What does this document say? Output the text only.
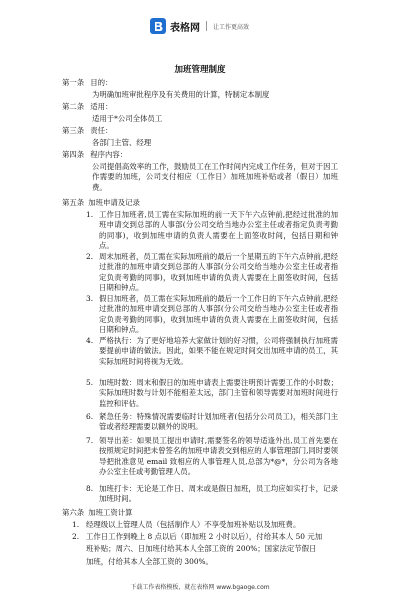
表格网 让工作更高效
加班管理制度
第一条 目的：
为明确加班审批程序及有关费用的计算，特制定本制度
第二条 适用：
适用于*公司全体员工
第三条 责任：
各部门主管、经理
第四条 程序内容：
公司提倡高效率的工作，鼓励员工在工作时间内完成工作任务，但对于因工作需要的加班，公司支付相应（工作日）加班加班补贴或者（假日）加班费。
第五条 加班申请及记录
1. 工作日加班者,员工需在实际加班的前一天下午六点钟前,把经过批准的加班申请交到总部的人事部(分公司交给当地办公室主任或者指定负责考勤的同事)，收到加班申请的负责人需要在上面签收时间，包括日期和钟点。
2. 周末加班者，员工需在实际加班前的最后一个星期五的下午六点钟前,把经过批准的加班申请交到总部的人事部(分公司交给当地办公室主任或者指定负责考勤的同事)，收到加班申请的负责人需要在上面签收时间，包括日期和钟点。
3. 假日加班者，员工需在实际加班前的最后一个工作日的下午六点钟前,把经过批准的加班申请交到总部的人事部(分公司交给当地办公室主任或者指定负责考勤的同事)，收到加班申请的负责人需要在上面签收时间，包括日期和钟点。
4. 严格执行：为了更好地培养大家做计划的好习惯，公司将强制执行加班需要提前申请的做法。因此，如果不能在规定时间交出加班申请的员工，其实际加班时间将视为无效。
5. 加班时数：周末和假日的加班申请表上需要注明预计需要工作的小时数；实际加班时数与计划不能相差太远，部门主管和领导需要对加班时间进行监控和评估。
6. 紧急任务：特殊情况需要临时计划加班者(包括分公司员工)，相关部门主管或者经理需要以额外的说明。
7. 领导出差：如果员工提出申请时,需要签名的领导适逢外出,员工首先要在按照规定时间把未曾签名的加班申请表交到相应的人事管理部门,同时要领导把批准意见 email 致相应的人事管理人员,总部为*@*，分公司为各地办公室主任或考勤管理人员。
8. 加班打卡：无论是工作日、周末或是假日加班，员工均应如实打卡，记录加班时间。
第六条 加班工资计算
1. 经理级以上管理人员（包括制作人）不享受加班补贴以及加班费。
2. 工作日工作到晚上 8 点以后（即加班 2 小时以后），付给其本人 50 元加
班补贴；周六、日加班付给其本人全部工资的 200%；国家法定节假日
加班，付给其本人全部工资的 300%。
下载工作表格模板，就在表格网 www.bgaoge.com
